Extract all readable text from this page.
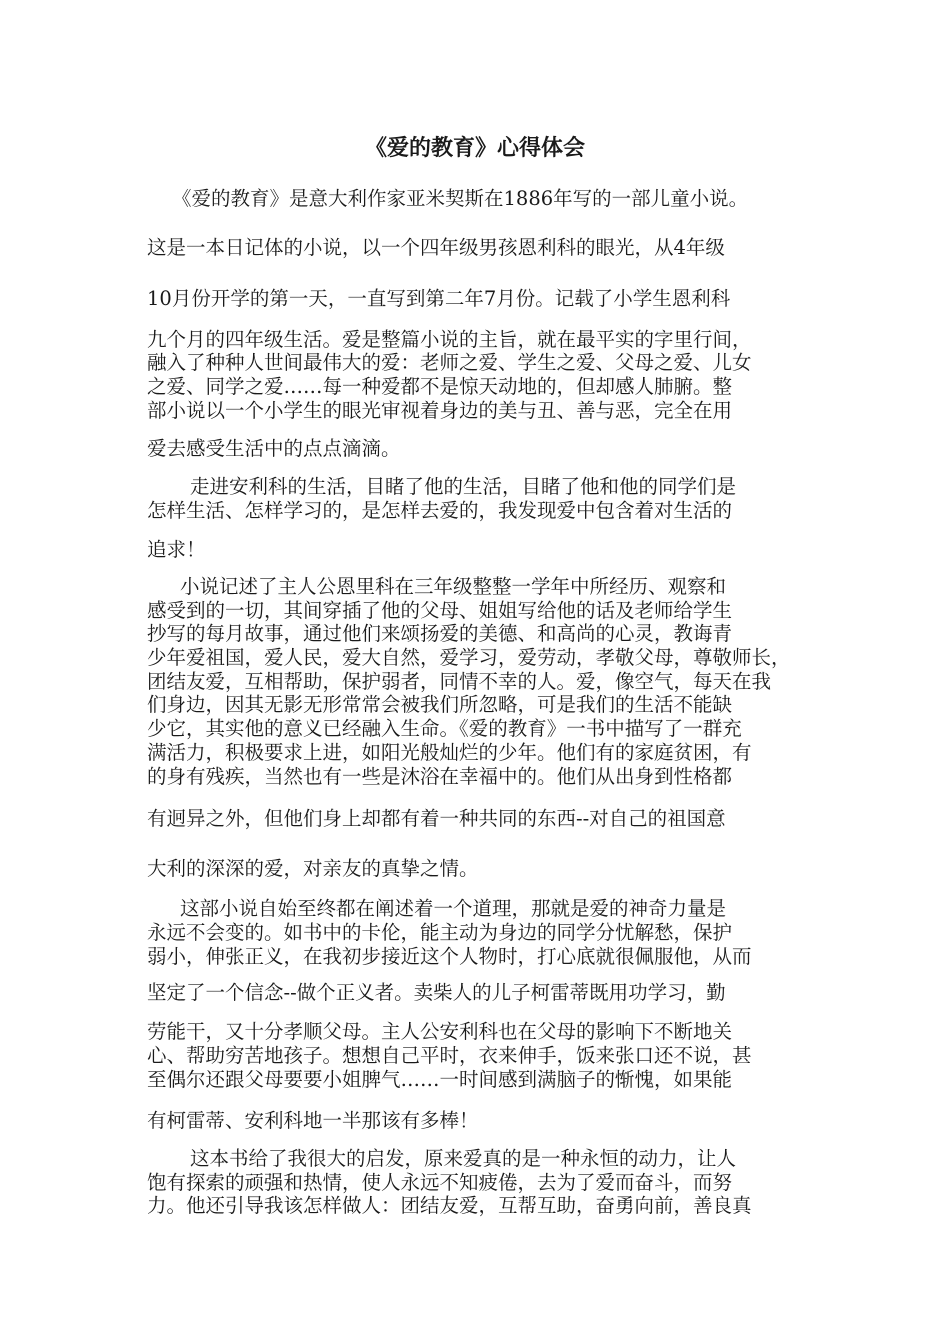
《爱的教育》心得体会
《爱的教育》是意大利作家亚米契斯在1886年写的一部儿童小说。
这是一本日记体的小说，以一个四年级男孩恩利科的眼光，从4年级
10月份开学的第一天，一直写到第二年7月份。记载了小学生恩利科
九个月的四年级生活。爱是整篇小说的主旨，就在最平实的字里行间，
融入了种种人世间最伟大的爱：老师之爱、学生之爱、父母之爱、儿女
之爱、同学之爱……每一种爱都不是惊天动地的，但却感人肺腑。整
部小说以一个小学生的眼光审视着身边的美与丑、善与恶，完全在用
爱去感受生活中的点点滴滴。
走进安利科的生活，目睹了他的生活，目睹了他和他的同学们是
怎样生活、怎样学习的，是怎样去爱的，我发现爱中包含着对生活的
追求！
小说记述了主人公恩里科在三年级整整一学年中所经历、观察和
感受到的一切，其间穿插了他的父母、姐姐写给他的话及老师给学生
抄写的每月故事，通过他们来颂扬爱的美德、和高尚的心灵，教诲青
少年爱祖国，爱人民，爱大自然，爱学习，爱劳动，孝敬父母，尊敬师长，
团结友爱，互相帮助，保护弱者，同情不幸的人。爱，像空气，每天在我
们身边，因其无影无形常常会被我们所忽略，可是我们的生活不能缺
少它，其实他的意义已经融入生命。《爱的教育》一书中描写了一群充
满活力，积极要求上进，如阳光般灿烂的少年。他们有的家庭贫困，有
的身有残疾，当然也有一些是沐浴在幸福中的。他们从出身到性格都
有迥异之外，但他们身上却都有着一种共同的东西--对自己的祖国意
大利的深深的爱，对亲友的真挚之情。
这部小说自始至终都在阐述着一个道理，那就是爱的神奇力量是
永远不会变的。如书中的卡伦，能主动为身边的同学分忧解愁，保护
弱小，伸张正义，在我初步接近这个人物时，打心底就很佩服他，从而
坚定了一个信念--做个正义者。卖柴人的儿子柯雷蒂既用功学习，勤
劳能干，又十分孝顺父母。主人公安利科也在父母的影响下不断地关
心、帮助穷苦地孩子。想想自己平时，衣来伸手，饭来张口还不说，甚
至偶尔还跟父母要要小姐脾气……一时间感到满脑子的惭愧，如果能
有柯雷蒂、安利科地一半那该有多棒！
这本书给了我很大的启发，原来爱真的是一种永恒的动力，让人
饱有探索的顽强和热情，使人永远不知疲倦，去为了爱而奋斗，而努
力。他还引导我该怎样做人：团结友爱，互帮互助，奋勇向前，善良真
